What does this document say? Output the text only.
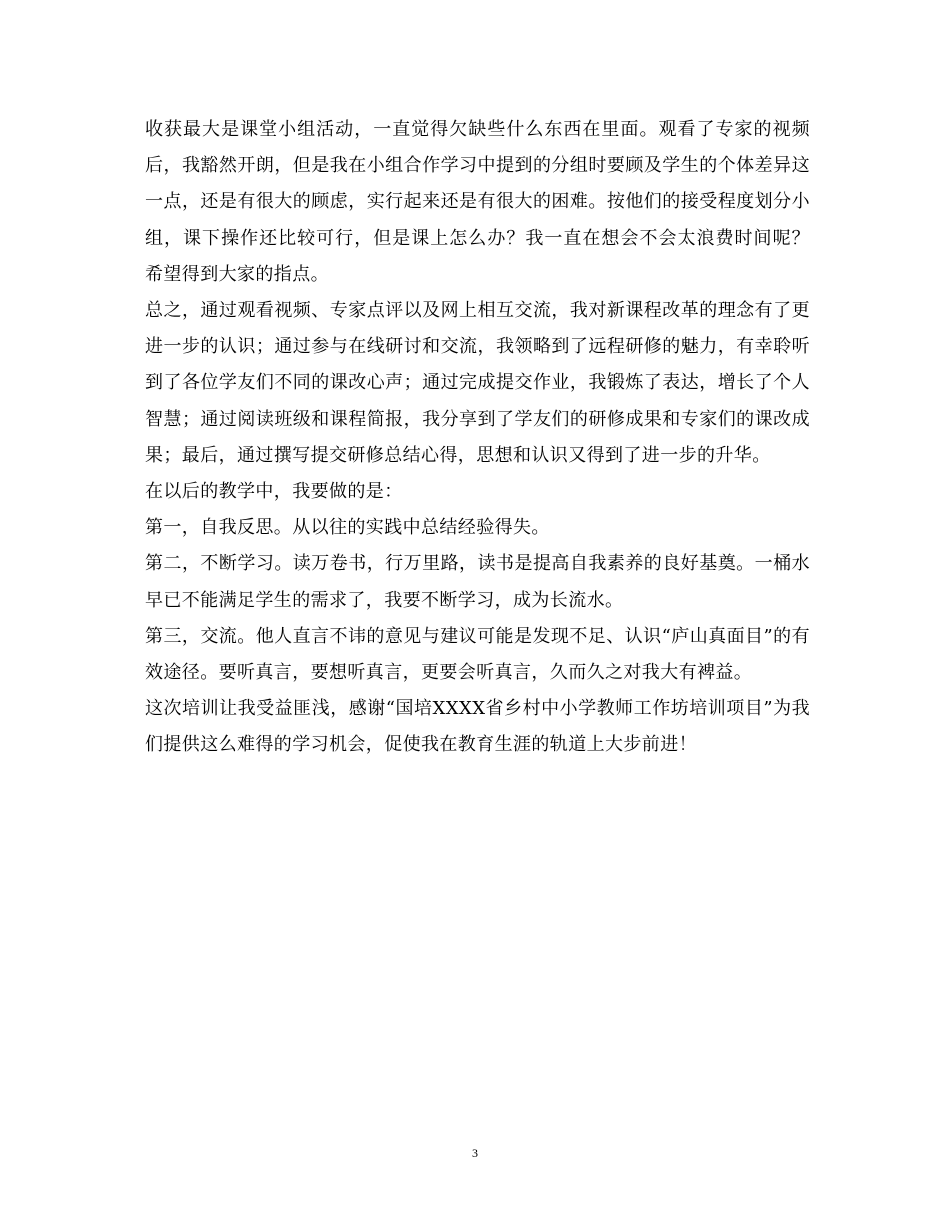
收获最大是课堂小组活动，一直觉得欠缺些什么东西在里面。观看了专家的视频后，我豁然开朗，但是我在小组合作学习中提到的分组时要顾及学生的个体差异这一点，还是有很大的顾虑，实行起来还是有很大的困难。按他们的接受程度划分小组，课下操作还比较可行，但是课上怎么办？我一直在想会不会太浪费时间呢？ 希望得到大家的指点。

总之，通过观看视频、专家点评以及网上相互交流，我对新课程改革的理念有了更进一步的认识；通过参与在线研讨和交流，我领略到了远程研修的魅力，有幸聆听到了各位学友们不同的课改心声；通过完成提交作业，我锻炼了表达，增长了个人智慧；通过阅读班级和课程简报，我分享到了学友们的研修成果和专家们的课改成果；最后，通过撰写提交研修总结心得，思想和认识又得到了进一步的升华。

在以后的教学中，我要做的是：

第一，自我反思。从以往的实践中总结经验得失。

第二，不断学习。读万卷书，行万里路，读书是提高自我素养的良好基奠。一桶水早已不能满足学生的需求了，我要不断学习，成为长流水。

第三，交流。他人直言不讳的意见与建议可能是发现不足、认识“庐山真面目”的有效途径。要听真言，要想听真言，更要会听真言，久而久之对我大有裨益。

这次培训让我受益匪浅，感谢“国培XXXX省乡村中小学教师工作坊培训项目”为我们提供这么难得的学习机会，促使我在教育生涯的轨道上大步前进！

3
